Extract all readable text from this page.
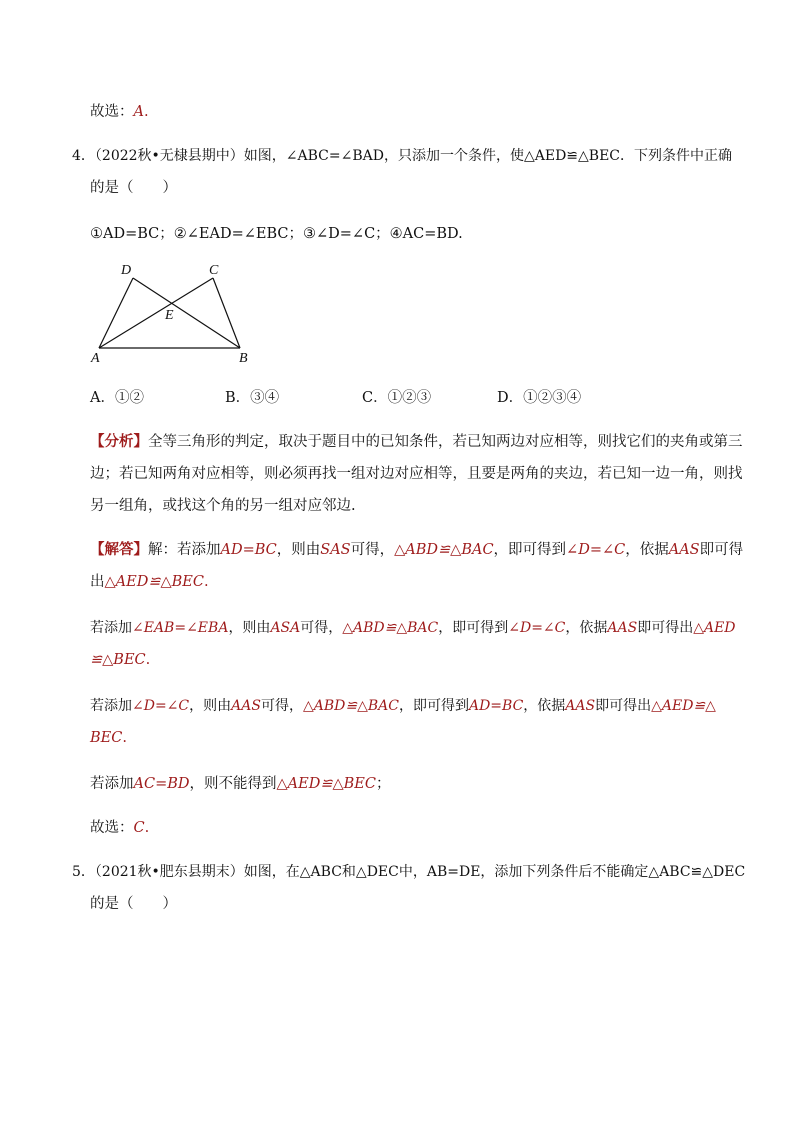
故选：A.
4．（2022秋•无棣县期中）如图，∠ABC=∠BAD，只添加一个条件，使△AED≌△BEC．下列条件中正确
的是（　　）
①AD=BC；②∠EAD=∠EBC；③∠D=∠C；④AC=BD.
D	C
E
A	B
A．①②	B．③④	C．①②③	D．①②③④
【分析】全等三角形的判定，取决于题目中的已知条件，若已知两边对应相等，则找它们的夹角或第三
边；若已知两角对应相等，则必须再找一组对边对应相等，且要是两角的夹边，若已知一边一角，则找
另一组角，或找这个角的另一组对应邻边.
【解答】解：若添加AD=BC，则由SAS可得，△ABD≌△BAC，即可得到∠D=∠C，依据AAS即可得
出△AED≌△BEC.
若添加∠EAB=∠EBA，则由ASA可得，△ABD≌△BAC，即可得到∠D=∠C，依据AAS即可得出△AED
≌△BEC.
若添加∠D=∠C，则由AAS可得，△ABD≌△BAC，即可得到AD=BC，依据AAS即可得出△AED≌△
BEC.
若添加AC=BD，则不能得到△AED≌△BEC；
故选：C.
5．（2021秋•肥东县期末）如图，在△ABC和△DEC中，AB=DE，添加下列条件后不能确定△ABC≌△DEC
的是（　　）
